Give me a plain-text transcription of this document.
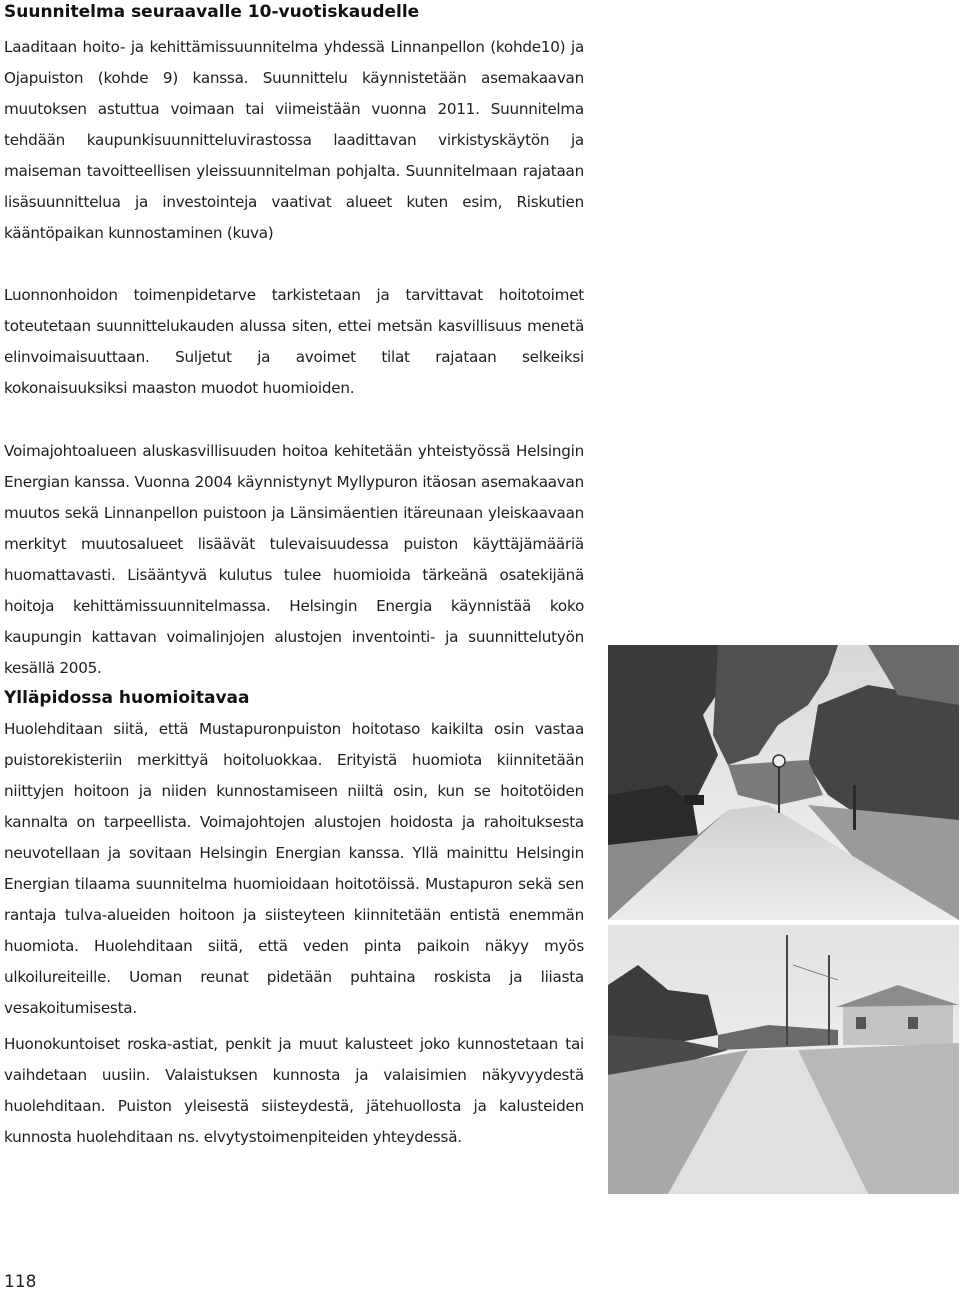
Suunnitelma seuraavalle 10-vuotiskaudelle

Laaditaan hoito- ja kehittämissuunnitelma yhdessä Linnanpellon (kohde10) ja Ojapuiston (kohde 9) kanssa. Suunnittelu käynnistetään asemakaavan muutoksen astuttua voimaan tai viimeistään vuonna 2011. Suunnitelma tehdään kaupunkisuunnitteluvirastossa laadittavan virkistyskäytön ja maiseman tavoitteellisen yleissuunnitelman pohjalta. Suunnitelmaan rajataan lisäsuunnittelua ja investointeja vaativat alueet kuten esim, Riskutien kääntöpaikan kunnostaminen (kuva)

Luonnonhoidon toimenpidetarve tarkistetaan ja tarvittavat hoitotoimet toteutetaan suunnittelukauden alussa siten, ettei metsän kasvillisuus menetä elinvoimaisuuttaan. Suljetut ja avoimet tilat rajataan selkeiksi kokonaisuuksiksi maaston muodot huomioiden.

Voimajohtoalueen aluskasvillisuuden hoitoa kehitetään yhteistyössä Helsingin Energian kanssa. Vuonna 2004 käynnistynyt Myllypuron itäosan asemakaavan muutos sekä Linnanpellon puistoon ja Länsimäentien itäreunaan yleiskaavaan merkityt muutosalueet lisäävät tulevaisuudessa puiston käyttäjämääriä huomattavasti. Lisääntyvä kulutus tulee huomioida tärkeänä osatekijänä hoitoja kehittämissuunnitelmassa. Helsingin Energia käynnistää koko kaupungin kattavan voimalinjojen alustojen inventointi- ja suunnittelutyön kesällä 2005.

Ylläpidossa huomioitavaa

Huolehditaan siitä, että Mustapuronpuiston hoitotaso kaikilta osin vastaa puistorekisteriin merkittyä hoitoluokkaa. Erityistä huomiota kiinnitetään niittyjen hoitoon ja niiden kunnostamiseen niiltä osin, kun se hoitotöiden kannalta on tarpeellista. Voimajohtojen alustojen hoidosta ja rahoituksesta neuvotellaan ja sovitaan Helsingin Energian kanssa. Yllä mainittu Helsingin Energian tilaama suunnitelma huomioidaan hoitotöissä. Mustapuron sekä sen rantaja tulva-alueiden hoitoon ja siisteyteen kiinnitetään entistä enemmän huomiota. Huolehditaan siitä, että veden pinta paikoin näkyy myös ulkoilureiteille. Uoman reunat pidetään puhtaina roskista ja liiasta vesakoitumisesta.

Huonokuntoiset roska-astiat, penkit ja muut kalusteet joko kunnostetaan tai vaihdetaan uusiin. Valaistuksen kunnosta ja valaisimien näkyvyydestä huolehditaan. Puiston yleisestä siisteydestä, jätehuollosta ja kalusteiden kunnosta huolehditaan ns. elvytystoimenpiteiden yhteydessä.

118
